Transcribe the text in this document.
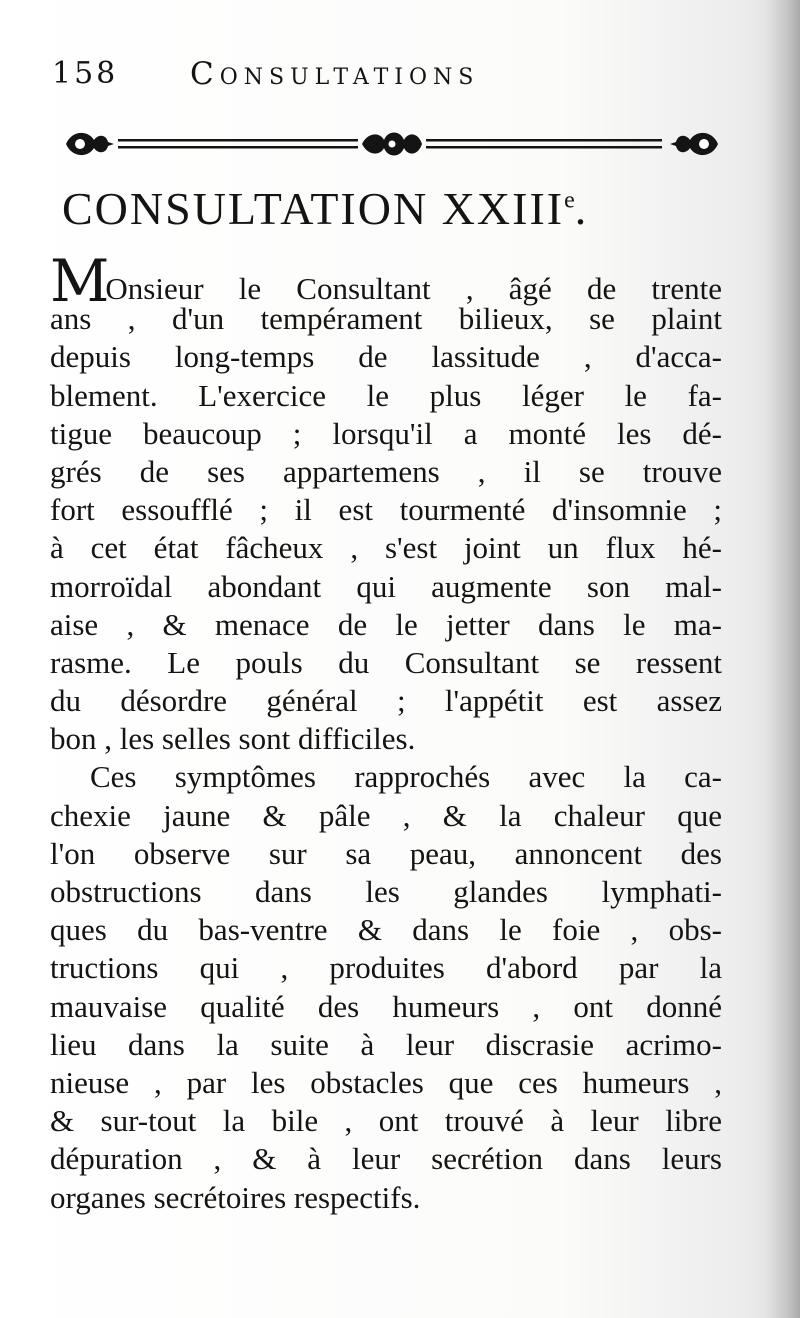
158 Consultations
CONSULTATION XXIIIe.
MOnsieur le Consultant , âgé de trente
ans , d'un tempérament bilieux, se plaint
depuis long-temps de lassitude , d'acca-
blement. L'exercice le plus léger le fa-
tigue beaucoup ; lorsqu'il a monté les dé-
grés de ses appartemens , il se trouve
fort essoufflé ; il est tourmenté d'insomnie ;
à cet état fâcheux , s'est joint un flux hé-
morroïdal abondant qui augmente son mal-
aise , & menace de le jetter dans le ma-
rasme. Le pouls du Consultant se ressent
du désordre général ; l'appétit est assez
bon , les selles sont difficiles.
Ces symptômes rapprochés avec la ca-
chexie jaune & pâle , & la chaleur que
l'on observe sur sa peau, annoncent des
obstructions dans les glandes lymphati-
ques du bas-ventre & dans le foie , obs-
tructions qui , produites d'abord par la
mauvaise qualité des humeurs , ont donné
lieu dans la suite à leur discrasie acrimo-
nieuse , par les obstacles que ces humeurs ,
& sur-tout la bile , ont trouvé à leur libre
dépuration , & à leur secrétion dans leurs
organes secrétoires respectifs.
